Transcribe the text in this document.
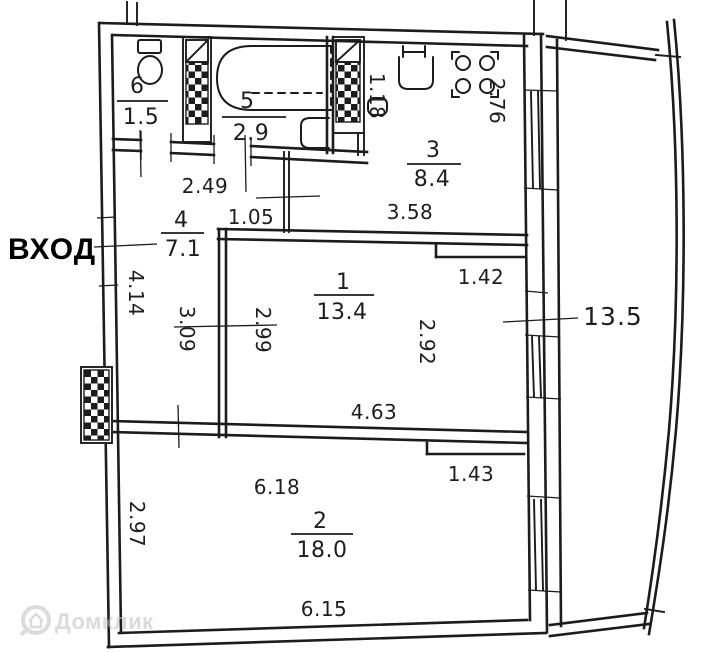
6
1.5
5
2.9
3
8.4
4
7.1
1
13.4
2
18.0
13.5
2.49
1.05	3.58
1.42
4.63
1.43
6.18
6.15
4.14
3.09	2.99	2.92
2.76
1.18
2.97
ВХОД
Домклик
